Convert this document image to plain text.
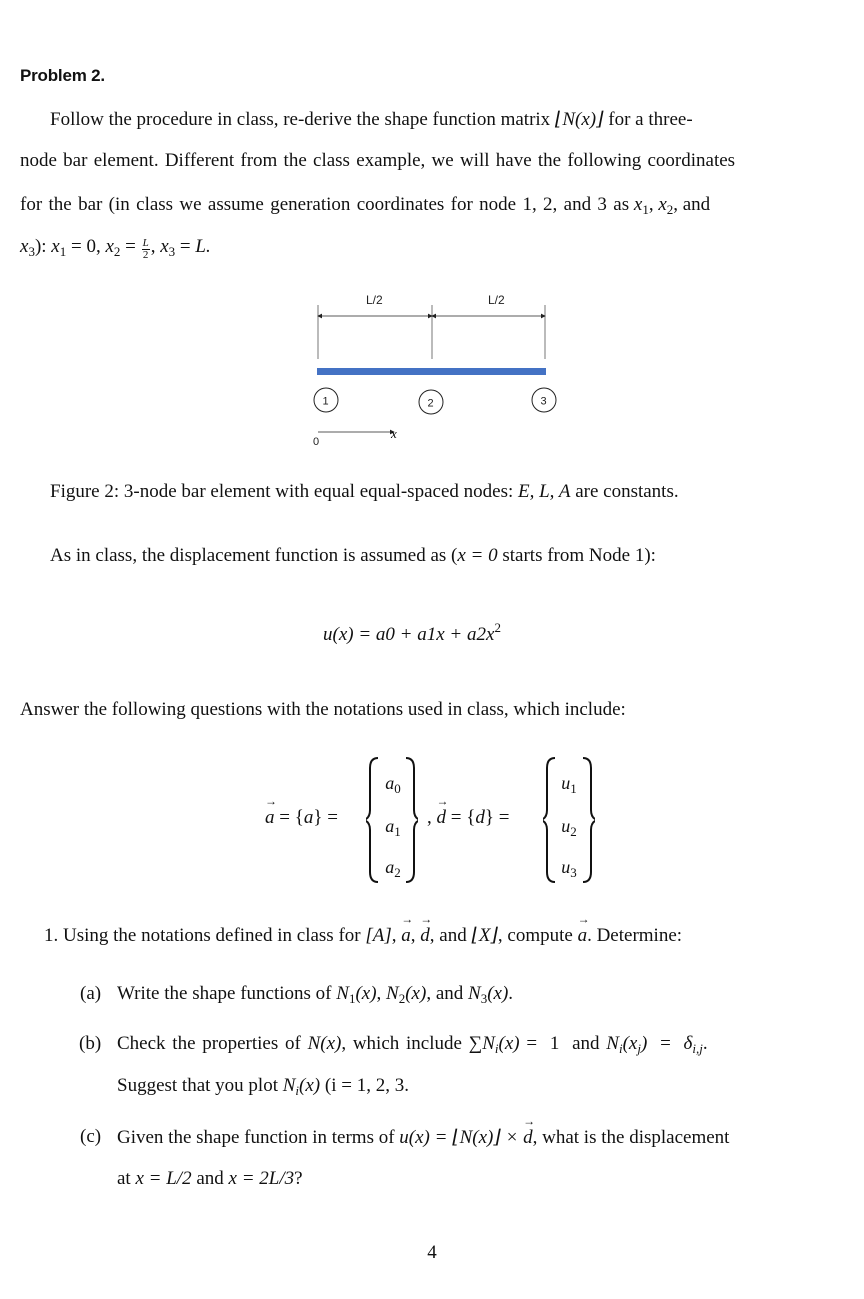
Problem 2.
Follow the procedure in class, re-derive the shape function matrix ⌊N(x)⌋ for a three-
node bar element. Different from the class example, we will have the following coordinates
for the bar (in class we assume generation coordinates for node 1, 2, and 3 as $x_1$, $x_2$, and
$x_3$): $x_1 = 0$, $x_2 = \frac{L}{2}$ , $x_3 = L$.
L/2	L/2
1	2	3
0
x
Figure 2: 3-node bar element with equal equal-spaced nodes: E, L, A are constants.
As in class, the displacement function is assumed as (x = 0 starts from Node 1):
$u(x) = a0 + a1x + a2x^2$
Answer the following questions with the notations used in class, which include:
→ a = {a} =
$a_0$
$a_1$
$a_2$
, → d = {d} =
$u_1$
$u_2$
$u_3$
1. Using the notations defined in class for [A], → a, → d, and ⌊X⌋, compute → a. Determine:
(a) Write the shape functions of $N_1(x)$, $N_2(x)$, and $N_3(x)$.
(b) Check the properties of N(x), which include $\sum N_i(x) = 1$ and $N_i(x_j) = \delta_{i,j}$.
Suggest that you plot $N_i(x) (i = 1$, 2, 3.
(c) Given the shape function in terms of u(x) = ⌊N(x)⌋ × → d, what is the displacement
at x = L/2 and x = 2L/3?
4
